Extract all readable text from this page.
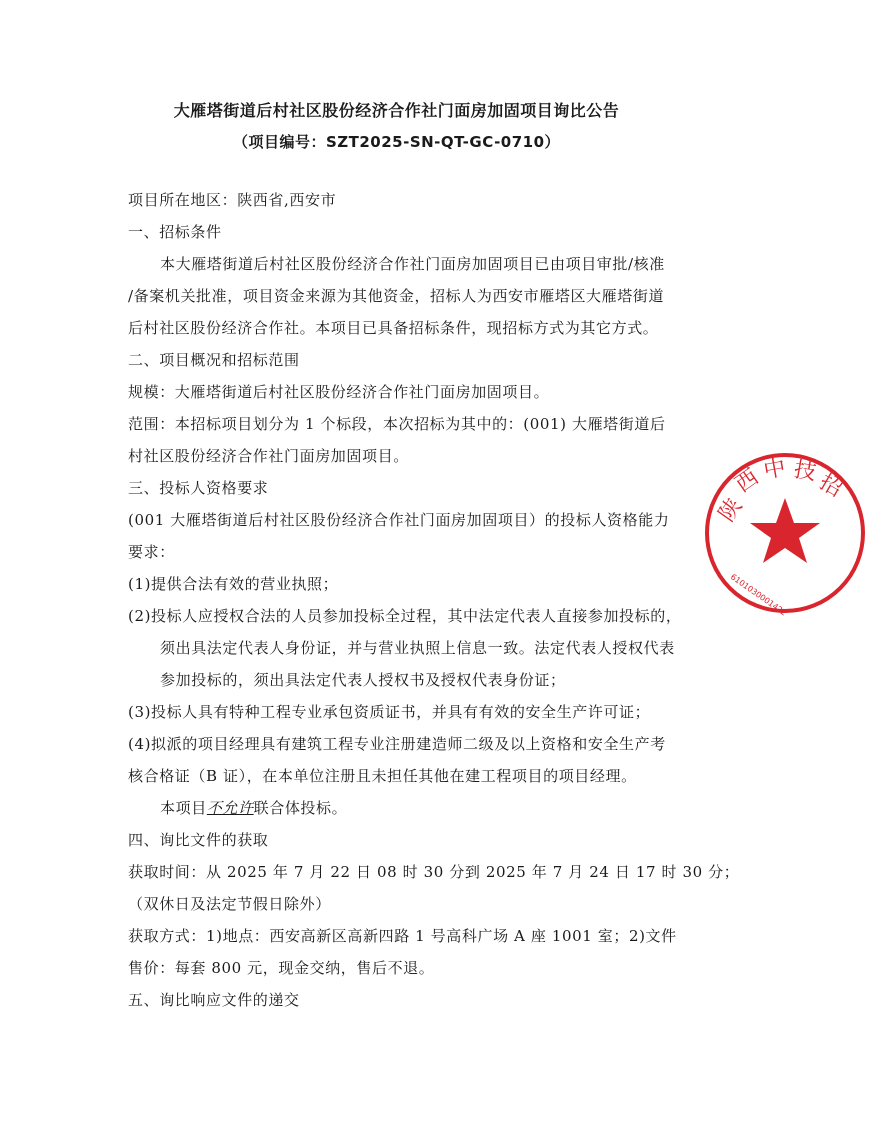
大雁塔街道后村社区股份经济合作社门面房加固项目询比公告
（项目编号：SZT2025-SN-QT-GC-0710）
项目所在地区：陕西省,西安市
一、招标条件
本大雁塔街道后村社区股份经济合作社门面房加固项目已由项目审批/核准
/备案机关批准，项目资金来源为其他资金，招标人为西安市雁塔区大雁塔街道
后村社区股份经济合作社。本项目已具备招标条件，现招标方式为其它方式。
二、项目概况和招标范围
规模：大雁塔街道后村社区股份经济合作社门面房加固项目。
范围：本招标项目划分为 1 个标段，本次招标为其中的：(001) 大雁塔街道后
村社区股份经济合作社门面房加固项目。
三、投标人资格要求
(001 大雁塔街道后村社区股份经济合作社门面房加固项目）的投标人资格能力
要求：
(1)提供合法有效的营业执照；
(2)投标人应授权合法的人员参加投标全过程，其中法定代表人直接参加投标的，
须出具法定代表人身份证，并与营业执照上信息一致。法定代表人授权代表
参加投标的，须出具法定代表人授权书及授权代表身份证；
(3)投标人具有特种工程专业承包资质证书，并具有有效的安全生产许可证；
(4)拟派的项目经理具有建筑工程专业注册建造师二级及以上资格和安全生产考
核合格证（B 证），在本单位注册且未担任其他在建工程项目的项目经理。
本项目不允许联合体投标。
四、询比文件的获取
获取时间：从 2025 年 7 月 22 日 08 时 30 分到 2025 年 7 月 24 日 17 时 30 分；
（双休日及法定节假日除外）
获取方式：1)地点：西安高新区高新四路 1 号高科广场 A 座 1001 室；2)文件
售价：每套 800 元，现金交纳，售后不退。
五、询比响应文件的递交
陕
西
中 技
招
6101030001422
